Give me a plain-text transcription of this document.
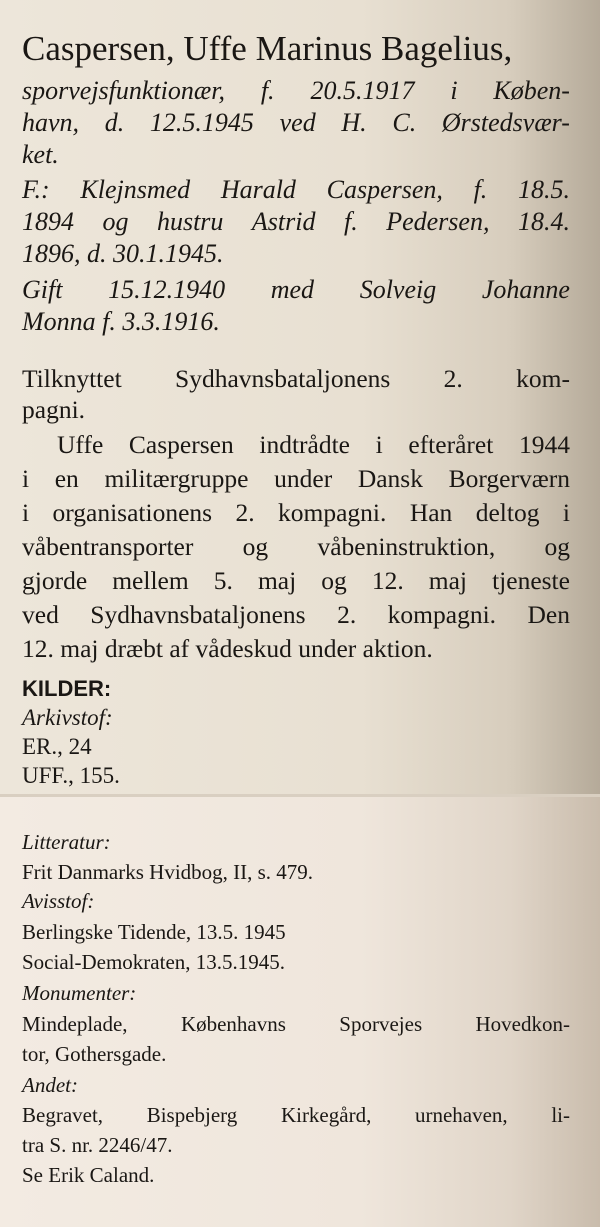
Caspersen, Uffe Marinus Bagelius,
sporvejsfunktionær, f. 20.5.1917 i Køben-
havn, d. 12.5.1945 ved H. C. Ørstedsvær-
ket.
F.: Klejnsmed Harald Caspersen, f. 18.5.
1894 og hustru Astrid f. Pedersen, 18.4.
1896, d. 30.1.1945.
Gift 15.12.1940 med Solveig Johanne
Monna f. 3.3.1916.
Tilknyttet Sydhavnsbataljonens 2. kom-
pagni.
Uffe Caspersen indtrådte i efteråret 1944
i en militærgruppe under Dansk Borgerværn
i organisationens 2. kompagni. Han deltog i
våbentransporter og våbeninstruktion, og
gjorde mellem 5. maj og 12. maj tjeneste
ved Sydhavnsbataljonens 2. kompagni. Den
12. maj dræbt af vådeskud under aktion.
KILDER:
Arkivstof:
ER., 24
UFF., 155.
Litteratur:
Frit Danmarks Hvidbog, II, s. 479.
Avisstof:
Berlingske Tidende, 13.5. 1945
Social-Demokraten, 13.5.1945.
Monumenter:
Mindeplade,	Københavns	Sporvejes	Hovedkon-
tor, Gothersgade.
Andet:
Begravet, Bispebjerg Kirkegård, urnehaven, li-
tra S. nr. 2246/47.
Se Erik Caland.
